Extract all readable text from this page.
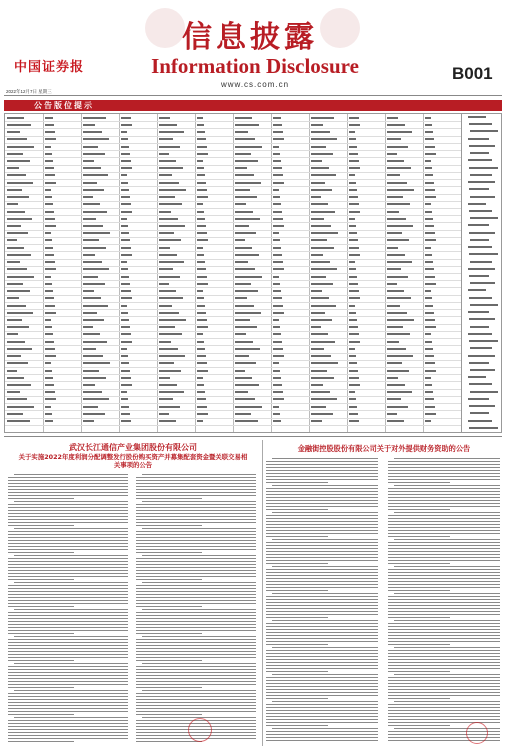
中国证券报
信息披露
Information Disclosure
www.cs.com.cn
B001
2022年12月7日 星期三
公告版位提示
武汉长江通信产业集团股份有限公司
关于实施2022年度利润分配调整发行股份购买资产并募集配套资金暨关联交易相关事项的公告
金融街控股股份有限公司关于对外提供财务资助的公告
